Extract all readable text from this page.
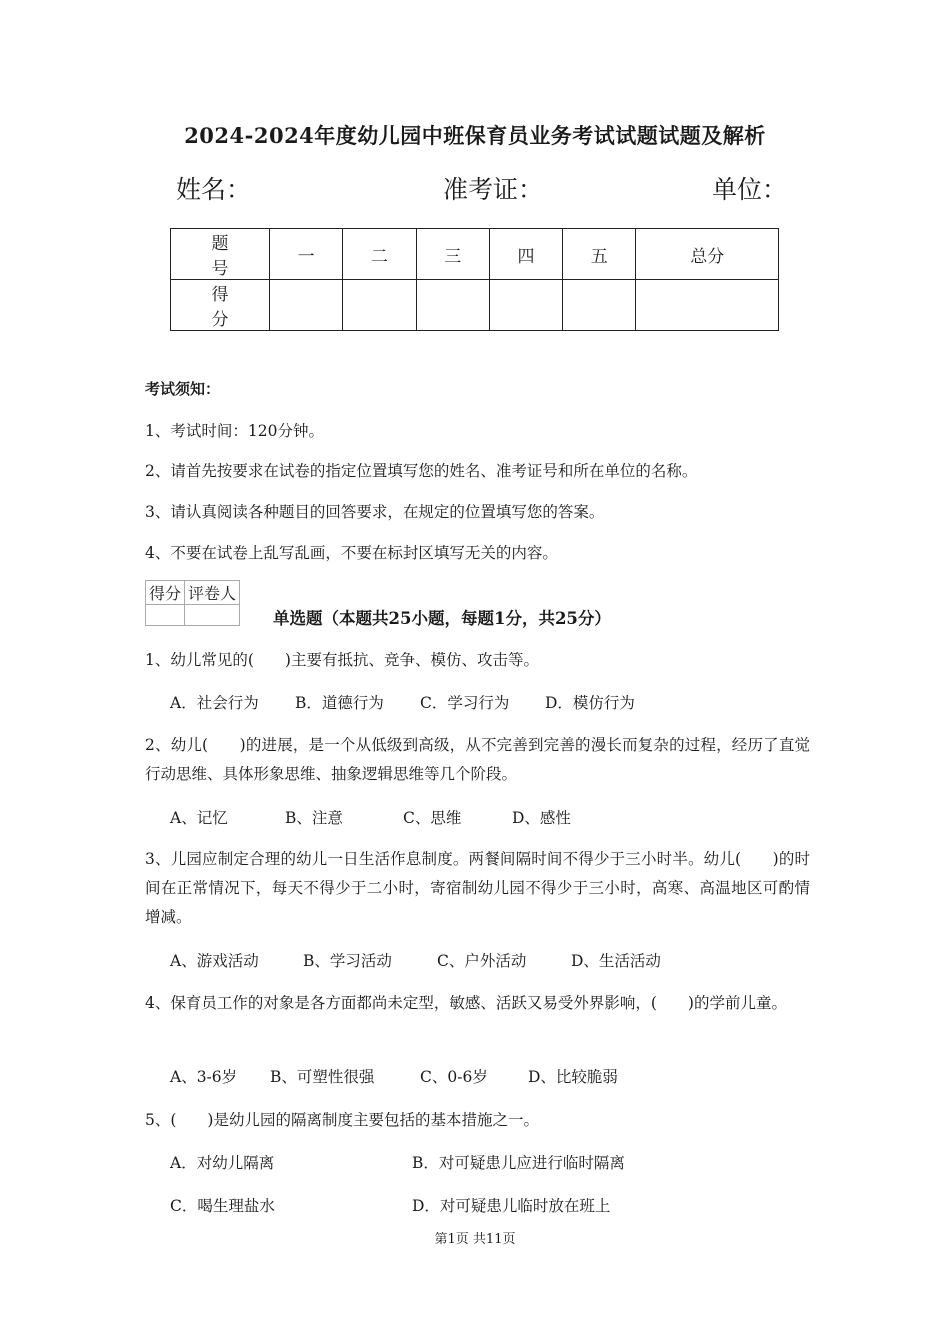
2024-2024年度幼儿园中班保育员业务考试试题试题及解析
姓名：	准考证：	单位：
题　号	一	二	三	四	五	总分
得　分						
考试须知：
1、考试时间：120分钟。
2、请首先按要求在试卷的指定位置填写您的姓名、准考证号和所在单位的名称。
3、请认真阅读各种题目的回答要求，在规定的位置填写您的答案。
4、不要在试卷上乱写乱画，不要在标封区填写无关的内容。
得分	评卷人

单选题（本题共25小题，每题1分，共25分）
1、幼儿常见的(　　)主要有抵抗、竞争、模仿、攻击等。
A．社会行为 B．道德行为 C．学习行为 D．模仿行为
2、幼儿(　　)的进展，是一个从低级到高级，从不完善到完善的漫长而复杂的过程，经历了直觉行动思维、具体形象思维、抽象逻辑思维等几个阶段。
A、记忆	B、注意	C、思维	D、感性
3、儿园应制定合理的幼儿一日生活作息制度。两餐间隔时间不得少于三小时半。幼儿(　　)的时间在正常情况下，每天不得少于二小时，寄宿制幼儿园不得少于三小时，高寒、高温地区可酌情增减。
A、游戏活动	B、学习活动	C、户外活动	D、生活活动
4、保育员工作的对象是各方面都尚未定型，敏感、活跃又易受外界影响，(　　)的学前儿童。
A、3-6岁 B、可塑性很强	C、0-6岁	D、比较脆弱
5、(　　)是幼儿园的隔离制度主要包括的基本措施之一。
A．对幼儿隔离	B．对可疑患儿应进行临时隔离
C．喝生理盐水	D．对可疑患儿临时放在班上
第1页 共11页
